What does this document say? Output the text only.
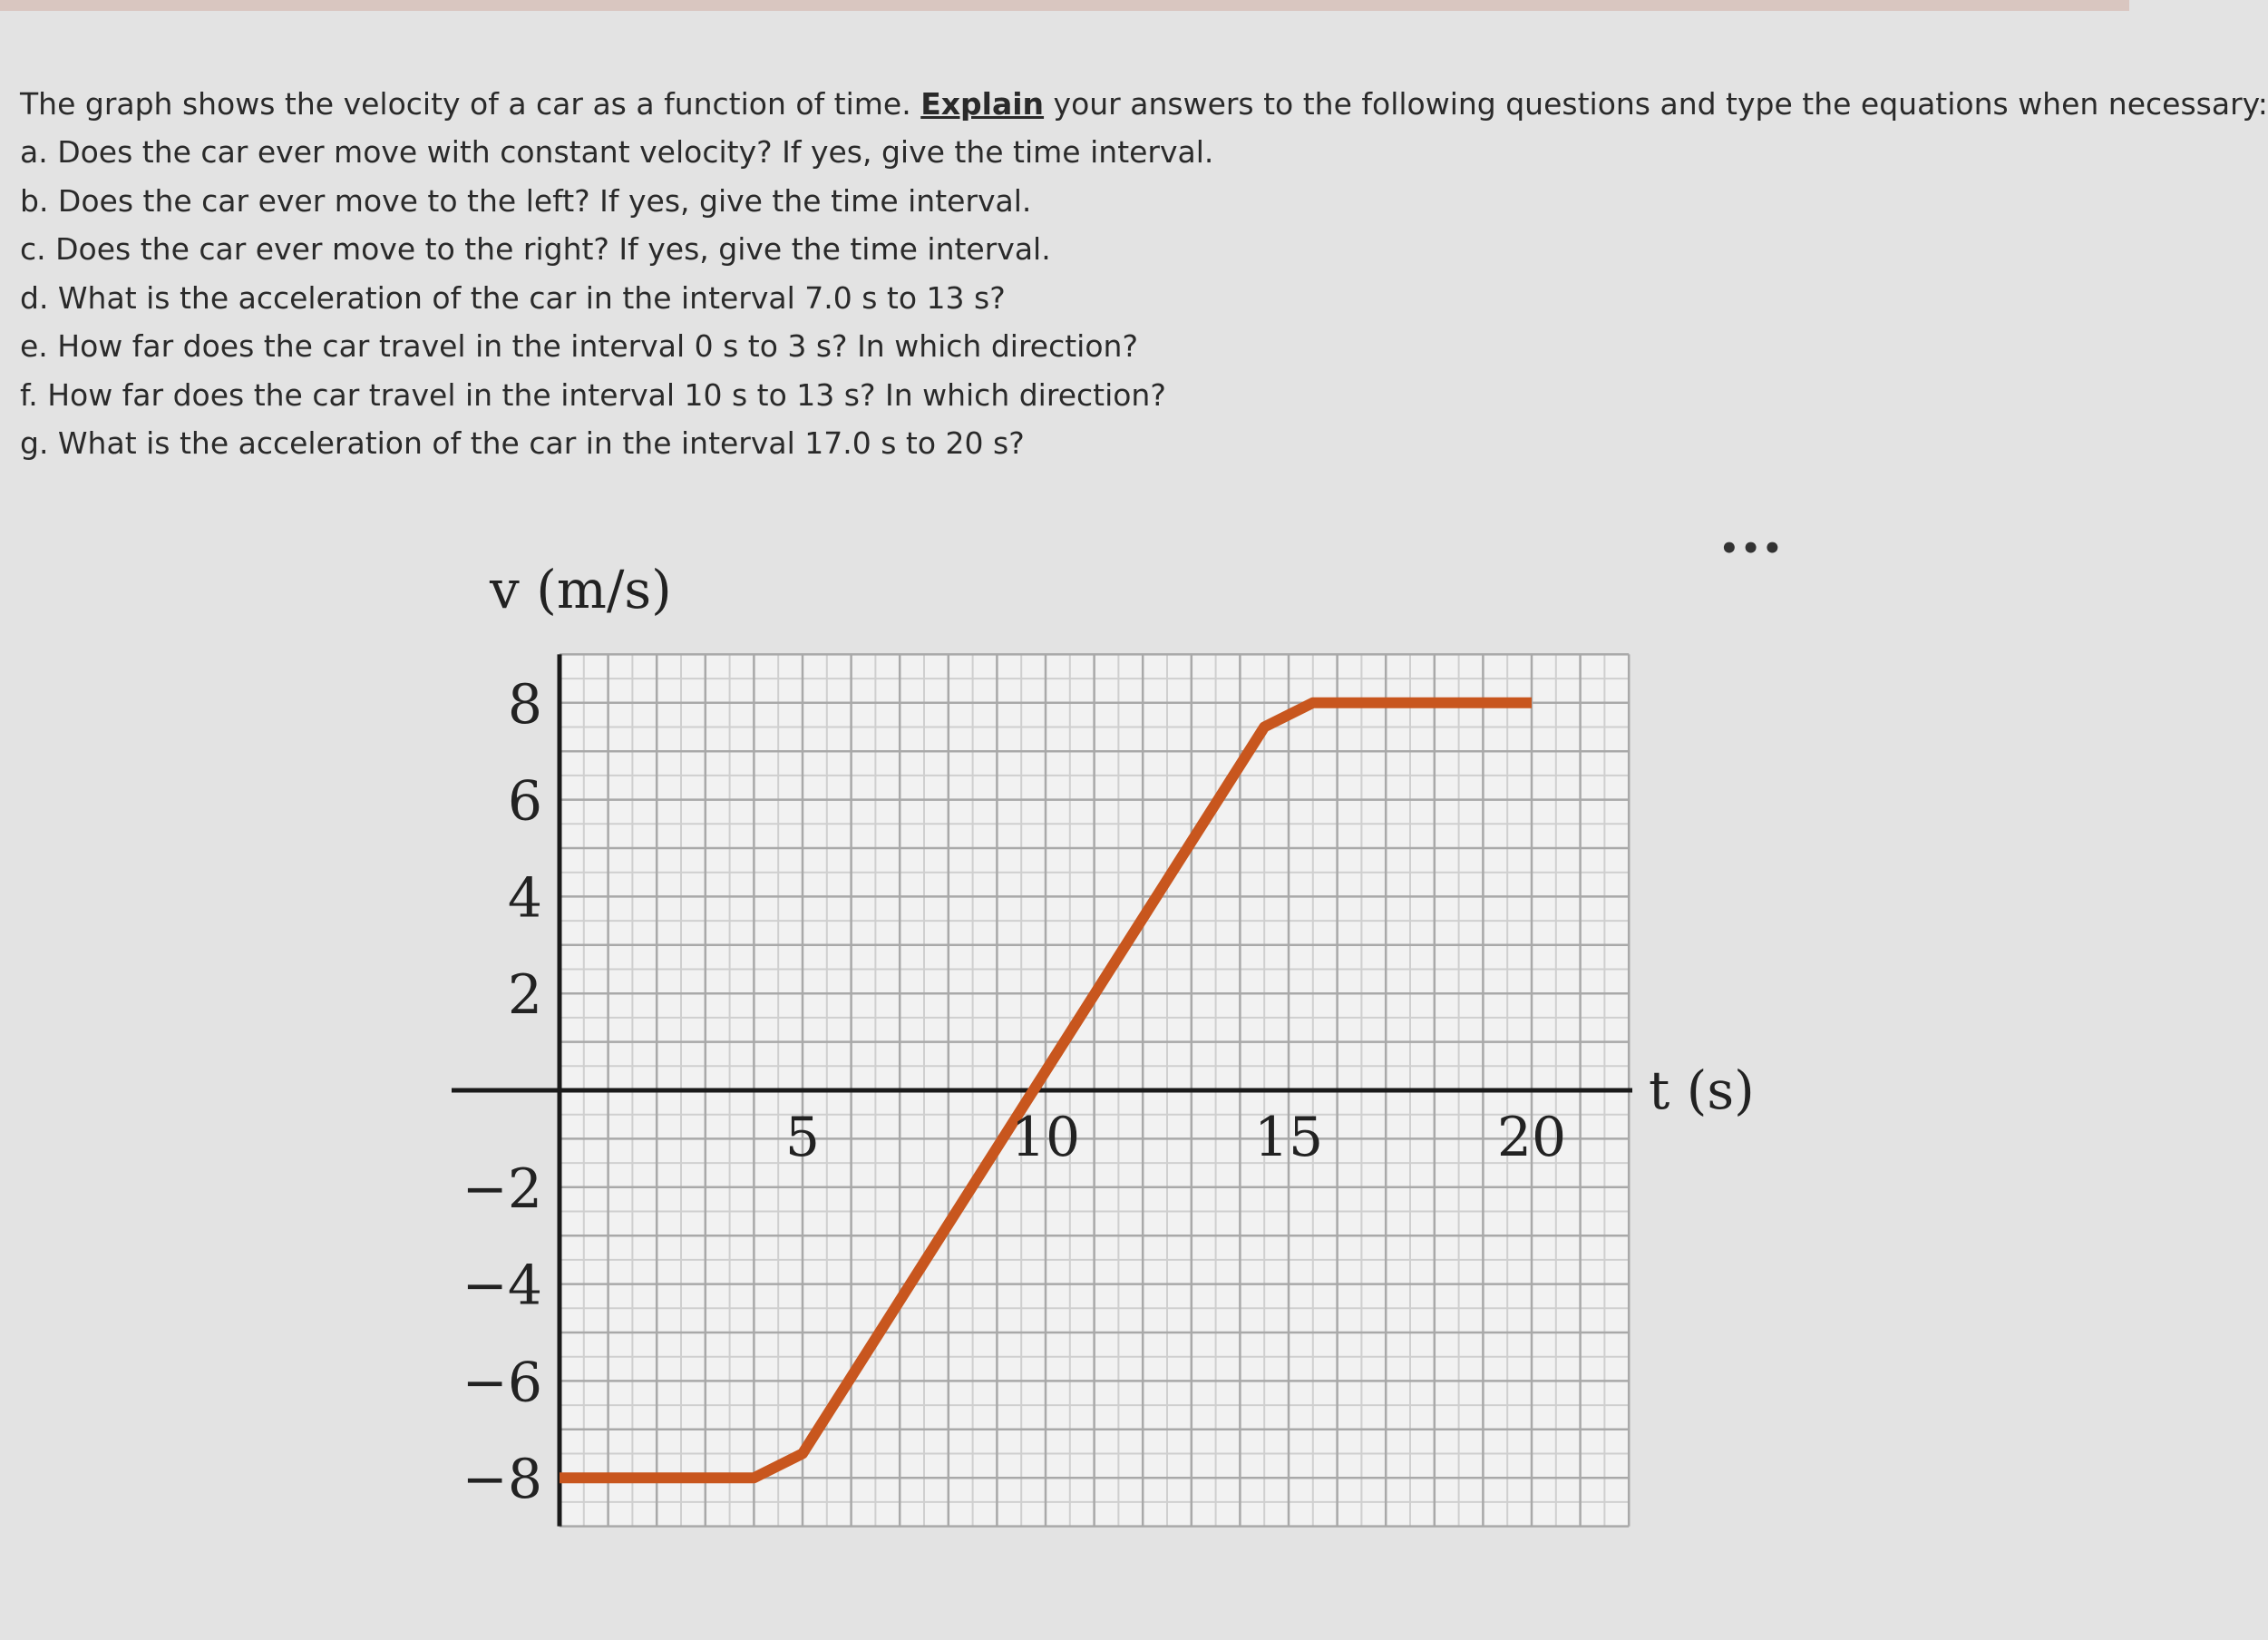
The graph shows the velocity of a car as a function of time. Explain your answers to the following questions and type the equations when necessary:

a. Does the car ever move with constant velocity? If yes, give the time interval.
b. Does the car ever move to the left? If yes, give the time interval.
c. Does the car ever move to the right? If yes, give the time interval.
d. What is the acceleration of the car in the interval 7.0 s to 13 s?
e. How far does the car travel in the interval 0 s to 3 s? In which direction?
f. How far does the car travel in the interval 10 s to 13 s? In which direction?
g. What is the acceleration of the car in the interval 17.0 s to 20 s?
•••
8
6
4
2
−2
−4
−6
−8
5	10	15	20
v (m/s)
t (s)
